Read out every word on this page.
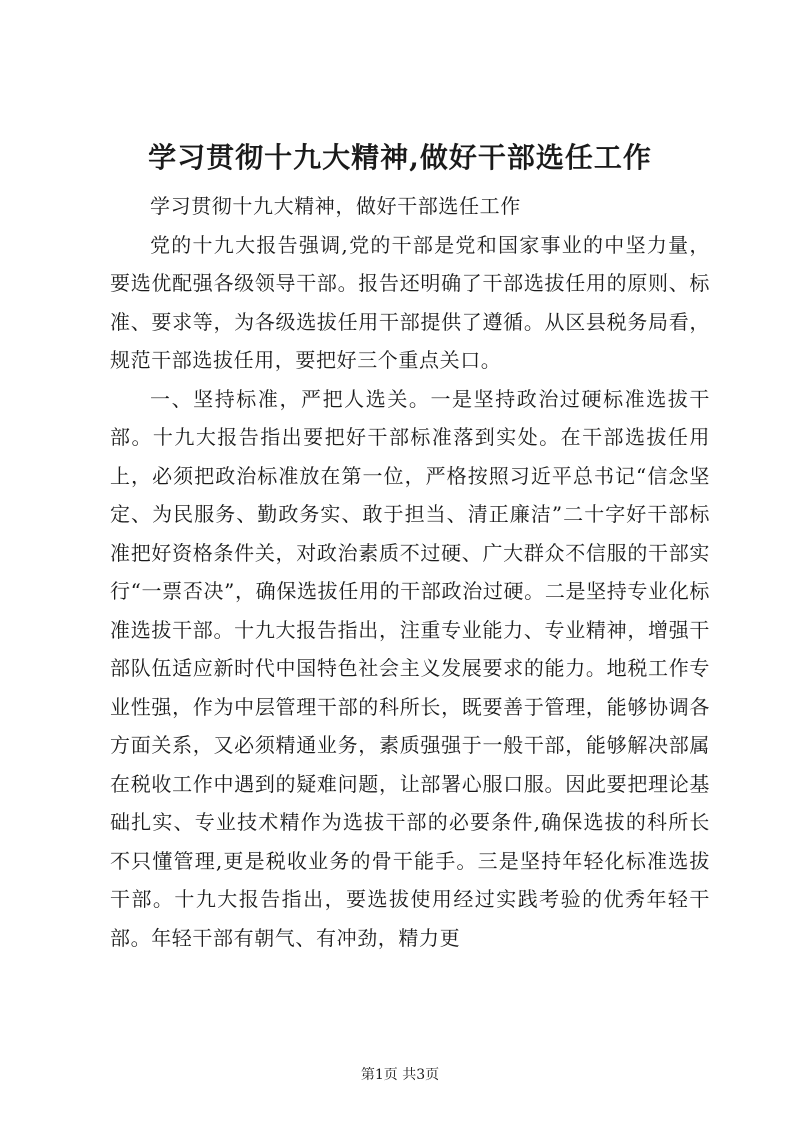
学习贯彻十九大精神,做好干部选任工作

学习贯彻十九大精神，做好干部选任工作

党的十九大报告强调,党的干部是党和国家事业的中坚力量，要选优配强各级领导干部。报告还明确了干部选拔任用的原则、标准、要求等，为各级选拔任用干部提供了遵循。从区县税务局看，规范干部选拔任用，要把好三个重点关口。

一、坚持标准，严把人选关。一是坚持政治过硬标准选拔干部。十九大报告指出要把好干部标准落到实处。在干部选拔任用上，必须把政治标准放在第一位，严格按照习近平总书记“信念坚定、为民服务、勤政务实、敢于担当、清正廉洁”二十字好干部标准把好资格条件关，对政治素质不过硬、广大群众不信服的干部实行“一票否决”，确保选拔任用的干部政治过硬。二是坚持专业化标准选拔干部。十九大报告指出，注重专业能力、专业精神，增强干部队伍适应新时代中国特色社会主义发展要求的能力。地税工作专业性强，作为中层管理干部的科所长，既要善于管理，能够协调各方面关系，又必须精通业务，素质强强于一般干部，能够解决部属在税收工作中遇到的疑难问题，让部署心服口服。因此要把理论基础扎实、专业技术精作为选拔干部的必要条件,确保选拔的科所长不只懂管理,更是税收业务的骨干能手。三是坚持年轻化标准选拔干部。十九大报告指出，要选拔使用经过实践考验的优秀年轻干部。年轻干部有朝气、有冲劲，精力更

第1页 共3页
